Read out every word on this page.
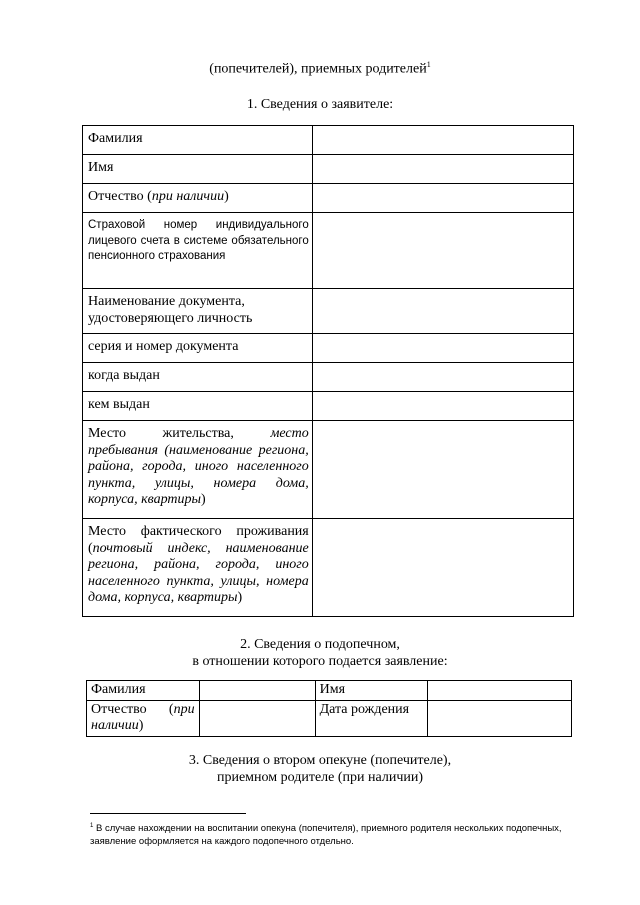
(попечителей), приемных родителей$^1$
1. Сведения о заявителе:
Фамилия	
Имя	
Отчество (при наличии)	

Страховой номер индивидуального лицевого счета в системе обязательного пенсионного страхования	

Наименование документа, удостоверяющего личность	
серия и номер документа	
когда выдан	
кем выдан	
Место жительства, место пребывания (наименование региона, района, города, иного населенного пункта, улицы, номера дома, корпуса, квартиры)	
Место фактического проживания (почтовый индекс, наименование региона, района, города, иного населенного пункта, улицы, номера дома, корпуса, квартиры)	
2. Сведения о подопечном,
в отношении которого подается заявление:
Фамилия		Имя	
Отчество (при наличии)		Дата рождения	
3. Сведения о втором опекуне (попечителе),
приемном родителе (при наличии)
$^1$ В случае нахождении на воспитании опекуна (попечителя), приемного родителя нескольких подопечных, заявление оформляется на каждого подопечного отдельно.
